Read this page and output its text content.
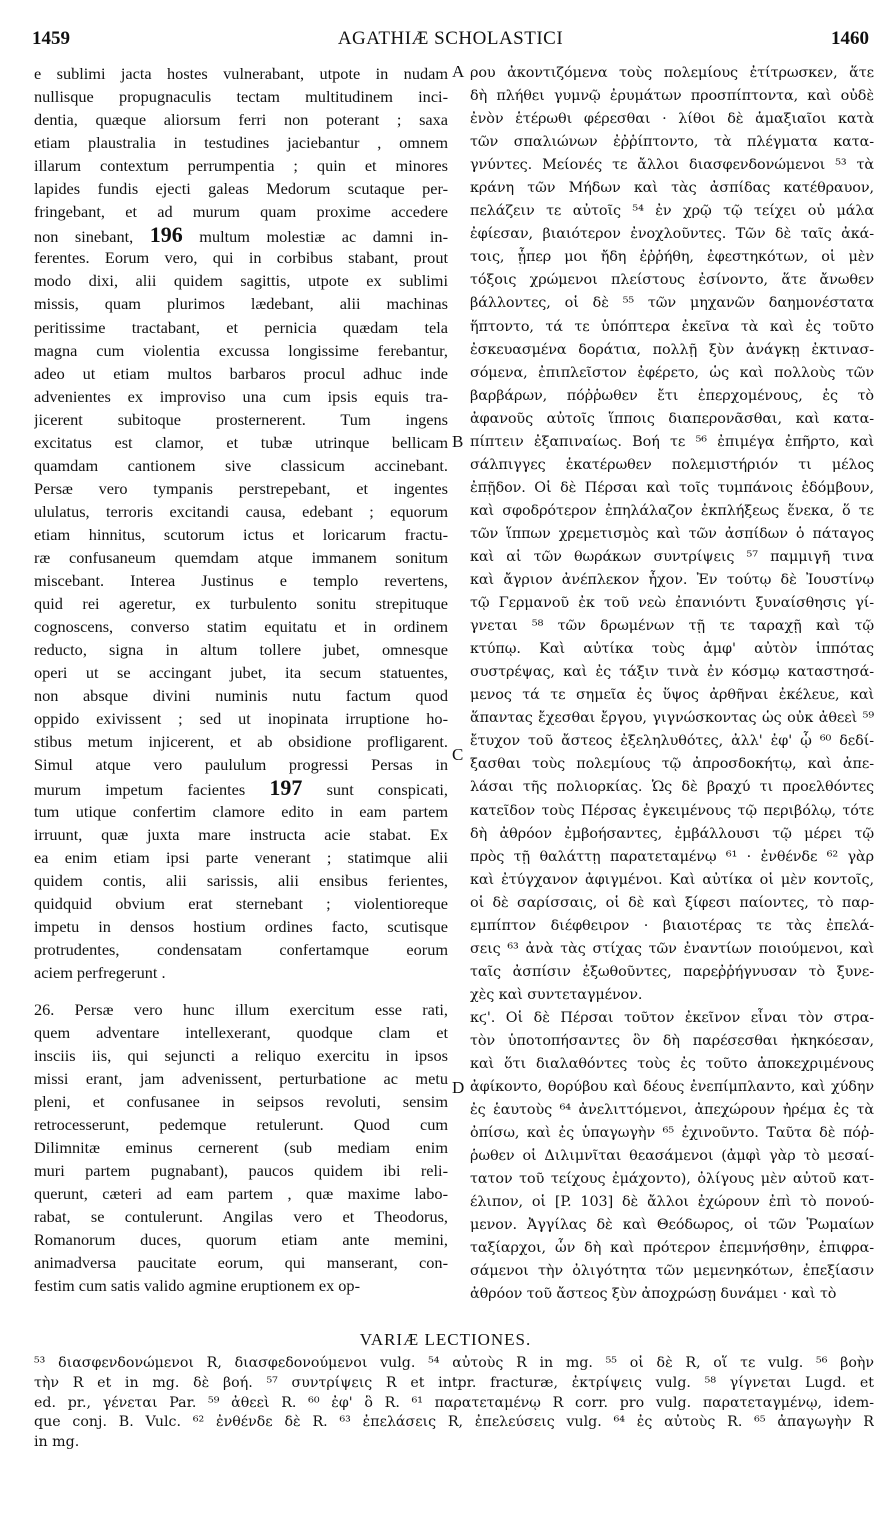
1459	AGATHIÆ SCHOLASTICI	1460
e sublimi jacta hostes vulnerabant, utpote in nudam
nullisque propugnaculis tectam multitudinem inci-
dentia, quæque aliorsum ferri non poterant ; saxa
etiam plaustralia in testudines jaciebantur , omnem
illarum contextum perrumpentia ; quin et minores
lapides fundis ejecti galeas Medorum scutaque per-
fringebant, et ad murum quam proxime accedere
non sinebant, 196 multum molestiæ ac damni in-
ferentes. Eorum vero, qui in corbibus stabant, prout
modo dixi, alii quidem sagittis, utpote ex sublimi
missis, quam plurimos lædebant, alii machinas
peritissime tractabant, et pernicia quædam tela
magna cum violentia excussa longissime ferebantur,
adeo ut etiam multos barbaros procul adhuc inde
advenientes ex improviso una cum ipsis equis tra-
jicerent subitoque prosternerent. Tum ingens
excitatus est clamor, et tubæ utrinque bellicam
quamdam cantionem sive classicum accinebant.
Persæ vero tympanis perstrepebant, et ingentes
ululatus, terroris excitandi causa, edebant ; equorum
etiam hinnitus, scutorum ictus et loricarum fractu-
ræ confusaneum quemdam atque immanem sonitum
miscebant. Interea Justinus e templo revertens,
quid rei ageretur, ex turbulento sonitu strepituque
cognoscens, converso statim equitatu et in ordinem
reducto, signa in altum tollere jubet, omnesque
operi ut se accingant jubet, ita secum statuentes,
non absque divini numinis nutu factum quod
oppido exivissent ; sed ut inopinata irruptione ho-
stibus metum injicerent, et ab obsidione profligarent.
Simul atque vero paululum progressi Persas in
murum impetum facientes 197 sunt conspicati,
tum utique confertim clamore edito in eam partem
irruunt, quæ juxta mare instructa acie stabat. Ex
ea enim etiam ipsi parte venerant ; statimque alii
quidem contis, alii sarissis, alii ensibus ferientes,
quidquid obvium erat sternebant ; violentioreque
impetu in densos hostium ordines facto, scutisque
protrudentes, condensatam confertamque eorum
aciem perfregerunt .
26. Persæ vero hunc illum exercitum esse rati,
quem adventare intellexerant, quodque clam et
insciis iis, qui sejuncti a reliquo exercitu in ipsos
missi erant, jam advenissent, perturbatione ac metu
pleni, et confusanee in seipsos revoluti, sensim
retrocesserunt, pedemque retulerunt. Quod cum
Dilimnitæ eminus cernerent (sub mediam enim
muri partem pugnabant), paucos quidem ibi reli-
querunt, cæteri ad eam partem , quæ maxime labo-
rabat, se contulerunt. Angilas vero et Theodorus,
Romanorum duces, quorum etiam ante memini,
animadversa paucitate eorum, qui manserant, con-
festim cum satis valido agmine eruptionem ex op-
ρου ἀκοντιζόμενα τοὺς πολεμίους ἐτίτρωσκεν, ἅτε
δὴ πλήθει γυμνῷ ἐρυμάτων προσπίπτοντα, καὶ οὐδὲ
ἐνὸν ἑτέρωθι φέρεσθαι · λίθοι δὲ ἁμαξιαῖοι κατὰ
τῶν σπαλιώνων ἐῤῥίπτοντο, τὰ πλέγματα κατα-
γνύντες. Μείονές τε ἄλλοι διασφενδονώμενοι ⁵³ τὰ
κράνη τῶν Μήδων καὶ τὰς ἀσπίδας κατέθραυον,
πελάζειν τε αὐτοῖς ⁵⁴ ἐν χρῷ τῷ τείχει οὐ μάλα
ἐφίεσαν, βιαιότερον ἐνοχλοῦντες. Τῶν δὲ ταῖς ἀκά-
τοις, ᾗπερ μοι ἤδη ἐῤῥήθη, ἐφεστηκότων, οἱ μὲν
τόξοις χρώμενοι πλείστους ἐσίνοντο, ἅτε ἄνωθεν
βάλλοντες, οἱ δὲ ⁵⁵ τῶν μηχανῶν δαημονέστατα
ἥπτοντο, τά τε ὑπόπτερα ἐκεῖνα τὰ καὶ ἐς τοῦτο
ἐσκευασμένα δοράτια, πολλῇ ξὺν ἀνάγκῃ ἐκτινασ-
σόμενα, ἐπιπλεῖστον ἐφέρετο, ὡς καὶ πολλοὺς τῶν
βαρβάρων, πόῤῥωθεν ἔτι ἐπερχομένους, ἐς τὸ
ἀφανοῦς αὐτοῖς ἵπποις διαπερονᾶσθαι, καὶ κατα-
πίπτειν ἐξαπιναίως. Βοή τε ⁵⁶ ἐπιμέγα ἐπῆρτο, καὶ
σάλπιγγες ἑκατέρωθεν πολεμιστήριόν τι μέλος
ἐπῇδον. Οἱ δὲ Πέρσαι καὶ τοῖς τυμπάνοις ἐδόμβουν,
καὶ σφοδρότερον ἐπηλάλαζον ἐκπλήξεως ἕνεκα, ὅ τε
τῶν ἵππων χρεμετισμὸς καὶ τῶν ἀσπίδων ὁ πάταγος
καὶ αἱ τῶν θωράκων συντρίψεις ⁵⁷ παμμιγῆ τινα
καὶ ἄγριον ἀνέπλεκον ἦχον. Ἐν τούτῳ δὲ Ἰουστίνῳ
τῷ Γερμανοῦ ἐκ τοῦ νεὼ ἐπανιόντι ξυναίσθησις γί-
γνεται ⁵⁸ τῶν δρωμένων τῇ τε ταραχῇ καὶ τῷ
κτύπῳ. Καὶ αὐτίκα τοὺς ἀμφ' αὐτὸν ἱππότας
συστρέψας, καὶ ἐς τάξιν τινὰ ἐν κόσμῳ καταστησά-
μενος τά τε σημεῖα ἐς ὕψος ἀρθῆναι ἐκέλευε, καὶ
ἅπαντας ἔχεσθαι ἔργου, γιγνώσκοντας ὡς οὐκ ἀθεεὶ ⁵⁹
ἔτυχον τοῦ ἄστεος ἐξεληλυθότες, ἀλλ' ἐφ' ᾧ ⁶⁰ δεδί-
ξασθαι τοὺς πολεμίους τῷ ἀπροσδοκήτῳ, καὶ ἀπε-
λάσαι τῆς πολιορκίας. Ὡς δὲ βραχύ τι προελθόντες
κατεῖδον τοὺς Πέρσας ἐγκειμένους τῷ περιβόλῳ, τότε
δὴ ἀθρόον ἐμβοήσαντες, ἐμβάλλουσι τῷ μέρει τῷ
πρὸς τῇ θαλάττῃ παρατεταμένῳ ⁶¹ · ἐνθένδε ⁶² γὰρ
καὶ ἐτύγχανον ἀφιγμένοι. Καὶ αὐτίκα οἱ μὲν κοντοῖς,
οἱ δὲ σαρίσσαις, οἱ δὲ καὶ ξίφεσι παίοντες, τὸ παρ-
εμπίπτον διέφθειρον · βιαιοτέρας τε τὰς ἐπελά-
σεις ⁶³ ἀνὰ τὰς στίχας τῶν ἐναντίων ποιούμενοι, καὶ
ταῖς ἀσπίσιν ἐξωθοῦντες, παρεῤῥήγνυσαν τὸ ξυνε-
χὲς καὶ συντεταγμένον.
κϛ'. Οἱ δὲ Πέρσαι τοῦτον ἐκεῖνον εἶναι τὸν στρα-
τὸν ὑποτοπήσαντες ὃν δὴ παρέσεσθαι ἠκηκόεσαν,
καὶ ὅτι διαλαθόντες τοὺς ἐς τοῦτο ἀποκεχριμένους
ἀφίκοντο, θορύβου καὶ δέους ἐνεπίμπλαντο, καὶ χύδην
ἐς ἑαυτοὺς ⁶⁴ ἀνελιττόμενοι, ἀπεχώρουν ἠρέμα ἐς τὰ
ὀπίσω, καὶ ἐς ὑπαγωγὴν ⁶⁵ ἐχινοῦντο. Ταῦτα δὲ πόῤ-
ῥωθεν οἱ Διλιμνῖται θεασάμενοι (ἀμφὶ γὰρ τὸ μεσαί-
τατον τοῦ τείχους ἐμάχοντο), ὀλίγους μὲν αὐτοῦ κατ-
έλιπον, οἱ [P. 103] δὲ ἄλλοι ἐχώρουν ἐπὶ τὸ πονού-
μενον. Ἀγγίλας δὲ καὶ Θεόδωρος, οἱ τῶν Ῥωμαίων
ταξίαρχοι, ὧν δὴ καὶ πρότερον ἐπεμνήσθην, ἐπιφρα-
σάμενοι τὴν ὀλιγότητα τῶν μεμενηκότων, ἐπεξίασιν
ἀθρόον τοῦ ἄστεος ξὺν ἀποχρώσῃ δυνάμει · καὶ τὸ
A
B
C
D
VARIÆ LECTIONES.
⁵³ διασφενδονώμενοι R, διασφεδονούμενοι vulg. ⁵⁴ αὐτοὺς R in mg. ⁵⁵ οἱ δὲ R, οἵ τε vulg. ⁵⁶ βοὴν
τὴν R et in mg. δὲ βοή. ⁵⁷ συντρίψεις R et intpr. fracturæ, ἐκτρίψεις vulg. ⁵⁸ γίγνεται Lugd. et
ed. pr., γένεται Par. ⁵⁹ ἀθεεὶ R. ⁶⁰ ἐφ' ὃ R. ⁶¹ παρατεταμένῳ R corr. pro vulg. παρατεταγμένῳ, idem-
que conj. B. Vulc. ⁶² ἐνθένδε δὲ R. ⁶³ ἐπελάσεις R, ἐπελεύσεις vulg. ⁶⁴ ἐς αὐτοὺς R. ⁶⁵ ἀπαγωγὴν R
in mg.
